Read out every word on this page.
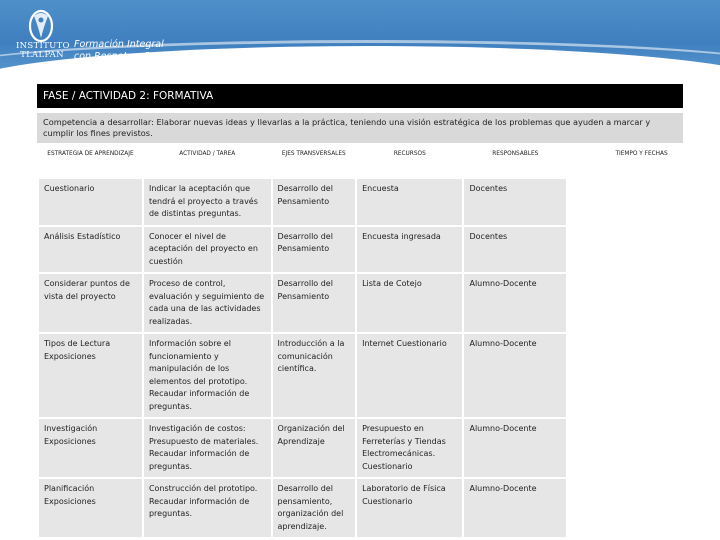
INSTITUTO
TLALPAN
Formación Integral
con Respeto y Reconocimiento
FASE / ACTIVIDAD 2: FORMATIVA
Competencia a desarrollar: Elaborar nuevas ideas y llevarlas a la práctica, teniendo una visión estratégica de los problemas que ayuden a marcar y cumplir los fines previstos.
ESTRATEGIA DE APRENDIZAJE	ACTIVIDAD / TAREA	EJES TRANSVERSALES	RECURSOS	RESPONSABLES	TIEMPO Y FECHAS
Cuestionario	Indicar la aceptación que tendrá el proyecto a través de distintas preguntas.	Desarrollo del Pensamiento	Encuesta	Docentes	
Análisis Estadístico	Conocer el nivel de aceptación del proyecto en cuestión	Desarrollo del Pensamiento	Encuesta ingresada	Docentes	
Considerar puntos de vista del proyecto	Proceso de control, evaluación y seguimiento de cada una de las actividades realizadas.	Desarrollo del Pensamiento	Lista de Cotejo	Alumno-Docente	
Tipos de Lectura Exposiciones	Información sobre el funcionamiento y manipulación de los elementos del prototipo. Recaudar información de preguntas.	Introducción a la comunicación científica.	Internet Cuestionario	Alumno-Docente	
Investigación Exposiciones	Investigación de costos: Presupuesto de materiales. Recaudar información de preguntas.	Organización del Aprendizaje	Presupuesto en Ferreterías y Tiendas Electromecánicas. Cuestionario	Alumno-Docente	
Planificación Exposiciones	Construcción del prototipo. Recaudar información de preguntas.	Desarrollo del pensamiento, organización del aprendizaje.	Laboratorio de Física Cuestionario	Alumno-Docente	
